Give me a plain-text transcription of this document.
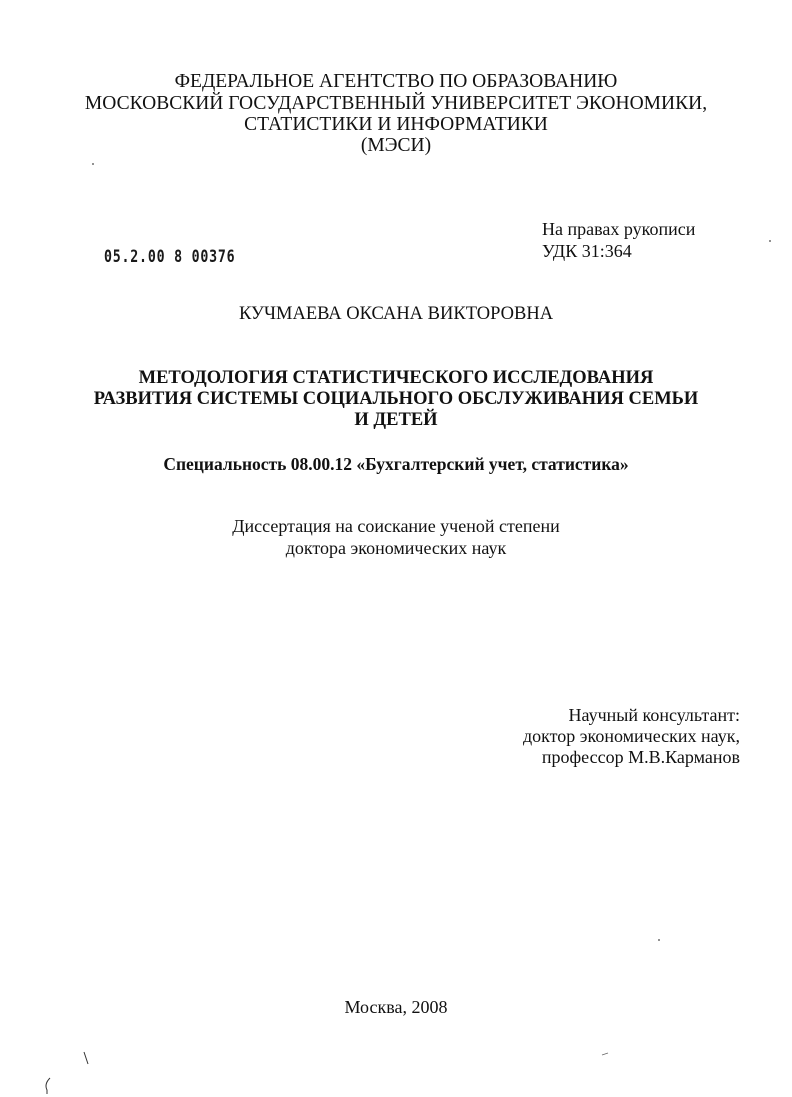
ФЕДЕРАЛЬНОЕ АГЕНТСТВО ПО ОБРАЗОВАНИЮ
МОСКОВСКИЙ ГОСУДАРСТВЕННЫЙ УНИВЕРСИТЕТ ЭКОНОМИКИ,
СТАТИСТИКИ И ИНФОРМАТИКИ
(МЭСИ)
На правах рукописи
УДК 31:364
05.2.00 8 00376
КУЧМАЕВА ОКСАНА ВИКТОРОВНА
МЕТОДОЛОГИЯ СТАТИСТИЧЕСКОГО ИССЛЕДОВАНИЯ
РАЗВИТИЯ СИСТЕМЫ СОЦИАЛЬНОГО ОБСЛУЖИВАНИЯ СЕМЬИ
И ДЕТЕЙ
Специальность 08.00.12 «Бухгалтерский учет, статистика»
Диссертация на соискание ученой степени
доктора экономических наук
Научный консультант:
доктор экономических наук,
профессор М.В.Карманов
Москва, 2008
